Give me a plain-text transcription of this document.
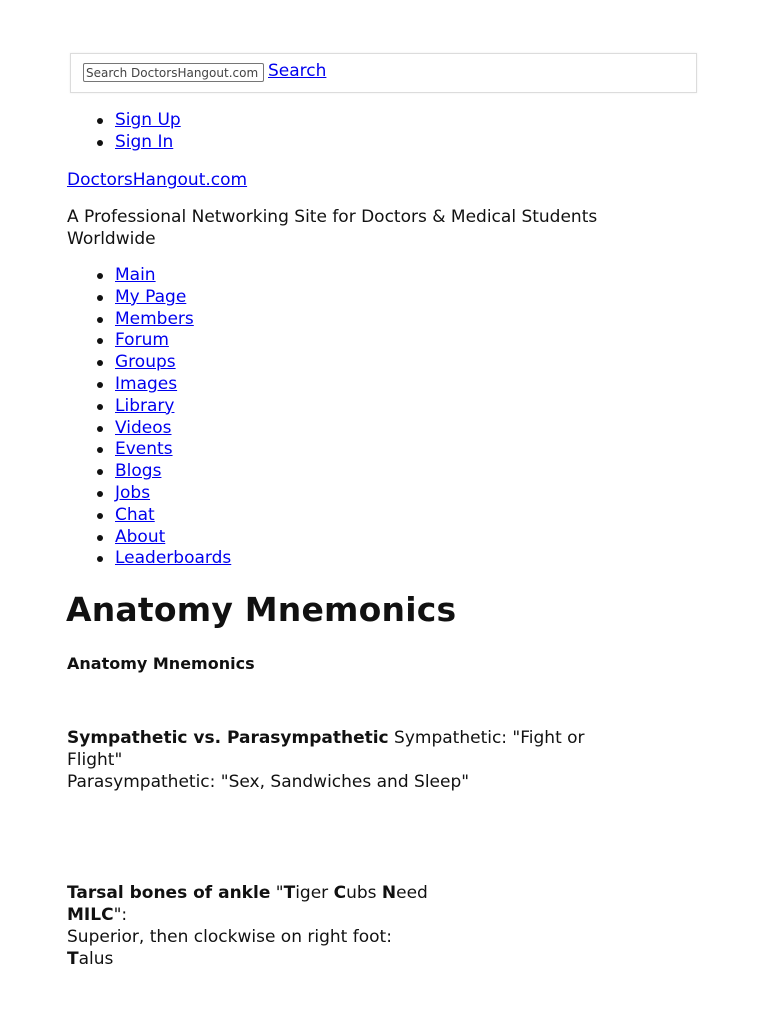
Search DoctorsHangout.com
Search
Sign Up
Sign In
DoctorsHangout.com

A Professional Networking Site for Doctors & Medical Students Worldwide

Main
My Page
Members
Forum
Groups
Images
Library
Videos
Events
Blogs
Jobs
Chat
About
Leaderboards
Anatomy Mnemonics
Anatomy Mnemonics

Sympathetic vs. Parasympathetic Sympathetic: "Fight or Flight"
Parasympathetic: "Sex, Sandwiches and Sleep"

Tarsal bones of ankle "Tiger Cubs Need
MILC":
Superior, then clockwise on right foot:
Talus
